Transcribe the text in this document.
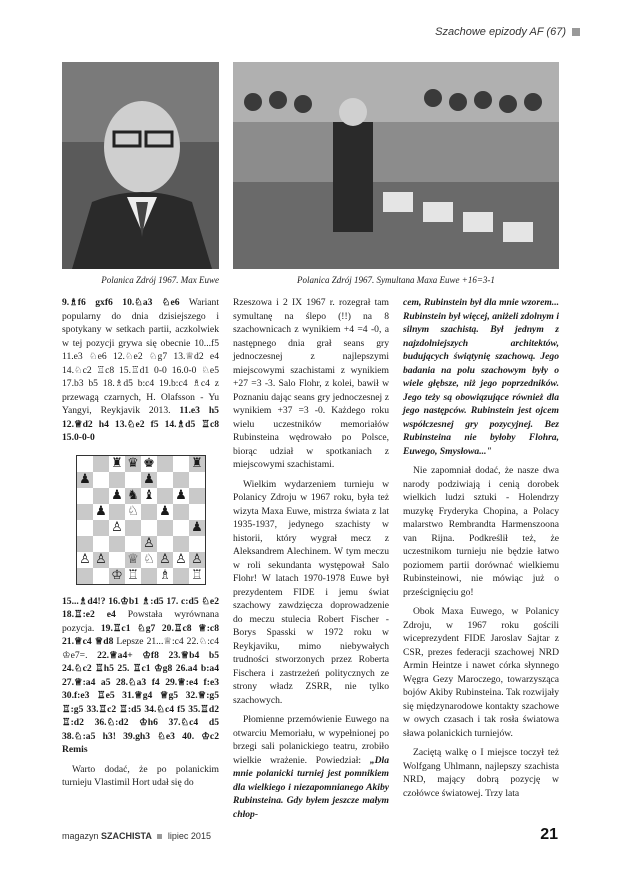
Szachowe epizody AF (67)
Polanica Zdrój 1967. Max Euwe	Polanica Zdrój 1967. Symultana Maxa Euwe +16=3-1

9.♗f6 gxf6 10.♘a3 ♘e6 Wariant popularny do dnia dzisiejszego i spotykany w setkach partii, aczkolwiek w tej pozycji grywa się obecnie 10...f5 11.e3 ♘e6 12.♘e2 ♘g7 13.♕d2 e4 14.♘c2 ♖c8 15.♖d1 0-0 16.0-0 ♘e5 17.b3 b5 18.♗d5 b:c4 19.b:c4 ♗c4 z przewagą czarnych, H. Olafsson - Yu Yangyi, Reykjavik 2013. 11.e3 h5 12.♕d2 h4 13.♘e2 f5 14.♗d5 ♖c8 15.0-0-0

♜ ♛ ♚	♜
♟	♟
♟ ♞ ♝ ♟
♟ ♘ ♟
♙	♟
♙
♙ ♙ ♕ ♘ ♙ ♙ ♙
♔ ♖ ♗ ♖

15...♗d4!? 16.♔b1 ♗:d5 17. c:d5 ♘e2 18.♖:e2 e4 Powstała wyrównana pozycja. 19.♖c1 ♘g7 20.♖c8 ♕:c8 21.♕c4 ♕d8 Lepsze 21...♕:c4 22.♘:c4 ♔e7=. 22.♕a4+ ♔f8 23.♕b4 b5 24.♘c2 ♖h5 25. ♖c1 ♔g8 26.a4 b:a4 27.♕:a4 a5 28.♘a3 f4 29.♕:e4 f:e3 30.f:e3 ♖e5 31.♕g4 ♕g5 32.♕:g5 ♖:g5 33.♖c2 ♖:d5 34.♘c4 f5 35.♖d2 ♖:d2 36.♘:d2 ♔h6 37.♘c4 d5 38.♘:a5 h3! 39.gh3 ♘e3 40. ♔c2 Remis

Warto dodać, że po polanickim turnieju Vlastimil Hort udał się do

Rzeszowa i 2 IX 1967 r. rozegrał tam symultanę na ślepo (!!) na 8 szachownicach z wynikiem +4 =4 -0, a następnego dnia grał seans gry jednoczesnej z najlepszymi miejscowymi szachistami z wynikiem +27 =3 -3. Salo Flohr, z kolei, bawił w Poznaniu dając seans gry jednoczesnej z wynikiem +37 =3 -0. Każdego roku wielu uczestników memoriałów Rubinsteina wędrowało po Polsce, biorąc udział w spotkaniach z miejscowymi szachistami.

Wielkim wydarzeniem turnieju w Polanicy Zdroju w 1967 roku, była też wizyta Maxa Euwe, mistrza świata z lat 1935-1937, jedynego szachisty w historii, który wygrał mecz z Aleksandrem Alechinem. W tym meczu w roli sekundanta występował Salo Flohr! W latach 1970-1978 Euwe był prezydentem FIDE i jemu świat szachowy zawdzięcza doprowadzenie do meczu stulecia Robert Fischer - Borys Spasski w 1972 roku w Reykjaviku, mimo niebywałych trudności stworzonych przez Roberta Fischera i zastrzeżeń politycznych ze strony władz ZSRR, nie tylko szachowych.

Płomienne przemówienie Euwego na otwarciu Memoriału, w wypełnionej po brzegi sali polanickiego teatru, zrobiło wielkie wrażenie. Powiedział: „Dla mnie polanicki turniej jest pomnikiem dla wielkiego i niezapomnianego Akiby Rubinsteina. Gdy byłem jeszcze małym chłop-

cem, Rubinstein był dla mnie wzorem... Rubinstein był więcej, aniżeli zdolnym i silnym szachistą. Był jednym z najzdolniejszych architektów, budujących świątynię szachową. Jego badania na polu szachowym były o wiele głębsze, niż jego poprzedników. Jego teży są obowiązujące również dla jego następców. Rubinstein jest ojcem współczesnej gry pozycyjnej. Bez Rubinsteina nie byłoby Flohra, Euwego, Smysłowa..."

Nie zapomniał dodać, że nasze dwa narody podziwiają i cenią dorobek wielkich ludzi sztuki - Holendrzy muzykę Fryderyka Chopina, a Polacy malarstwo Rembrandta Harmenszoona van Rijna. Podkreślił też, że uczestnikom turnieju nie będzie łatwo poziomem partii dorównać wielkiemu Rubinsteinowi, nie mówiąc już o prześcignięciu go!

Obok Maxa Euwego, w Polanicy Zdroju, w 1967 roku gościli wiceprezydent FIDE Jaroslav Sajtar z CSR, prezes federacji szachowej NRD Armin Heintze i nawet córka słynnego Węgra Gezy Maroczego, towarzysząca bojów Akiby Rubinsteina. Tak rozwijały się międzynarodowe kontakty szachowe w owych czasach i tak rosła światowa sława polanickich turniejów.

Zaciętą walkę o I miejsce toczył też Wolfgang Uhlmann, najlepszy szachista NRD, mający dobrą pozycję w czołówce światowej. Trzy lata

magazyn SZACHISTA lipiec 2015	21
